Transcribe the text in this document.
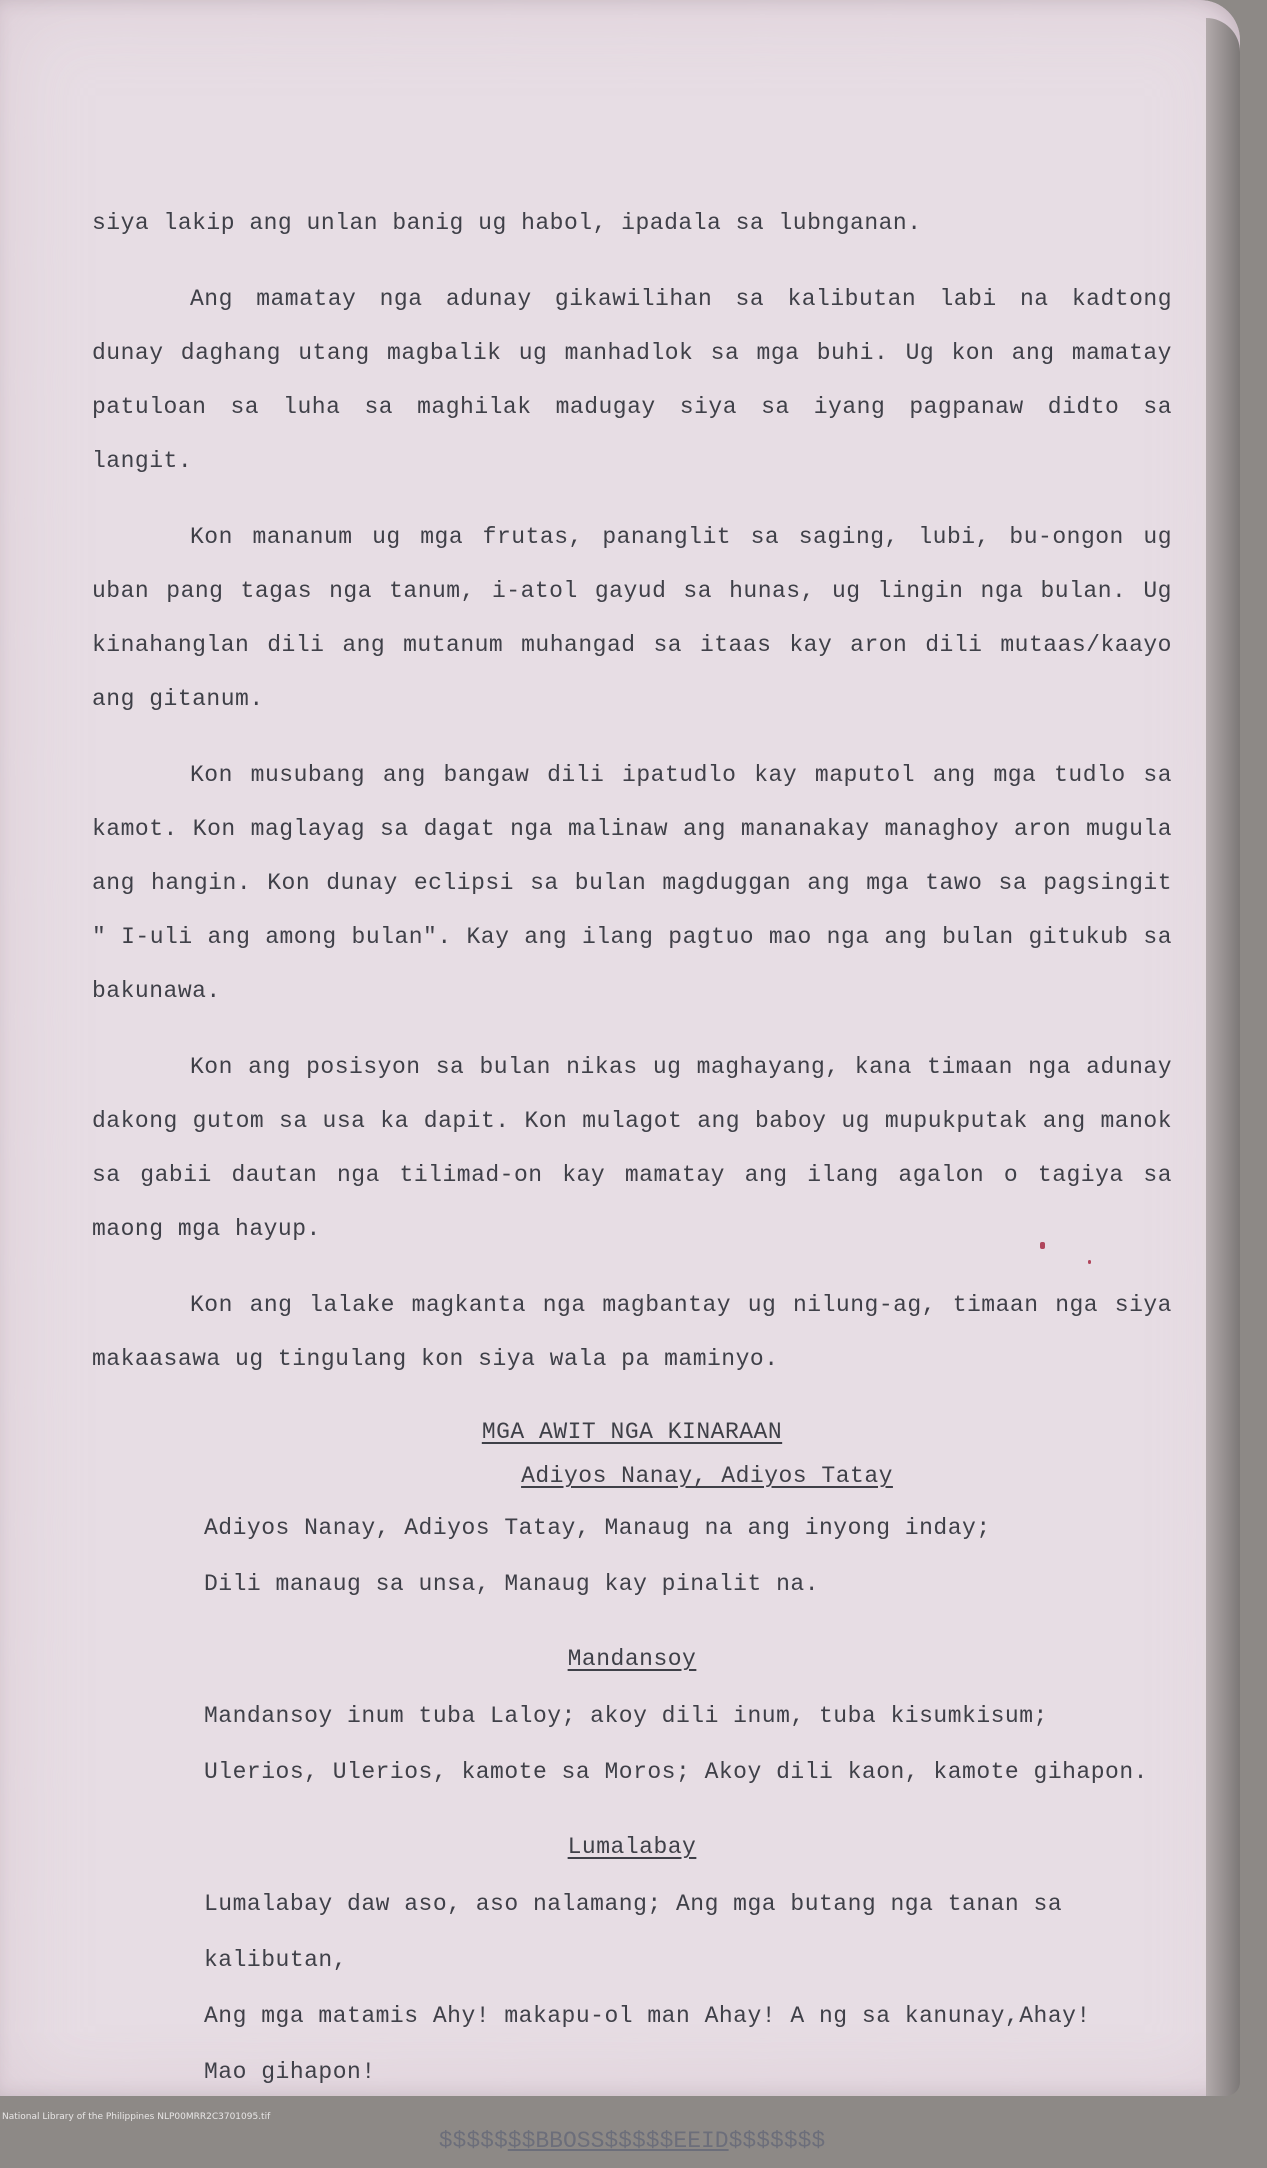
siya lakip ang unlan banig ug habol, ipadala sa lubnganan.

Ang mamatay nga adunay gikawilihan sa kalibutan labi na kadtong dunay daghang utang magbalik ug manhadlok sa mga buhi. Ug kon ang mamatay patuloan sa luha sa maghilak madugay siya sa iyang pagpanaw didto sa langit.

Kon mananum ug mga frutas, pananglit sa saging, lubi, bu-ongon ug uban pang tagas nga tanum, i-atol gayud sa hunas, ug lingin nga bulan. Ug kinahanglan dili ang mutanum muhangad sa itaas kay aron dili mutaas/kaayo ang gitanum.

Kon musubang ang bangaw dili ipatudlo kay maputol ang mga tudlo sa kamot. Kon maglayag sa dagat nga malinaw ang mananakay managhoy aron mugula ang hangin. Kon dunay eclipsi sa bulan magduggan ang mga tawo sa pagsingit " I-uli ang among bulan". Kay ang ilang pagtuo mao nga ang bulan gitukub sa bakunawa.

Kon ang posisyon sa bulan nikas ug maghayang, kana timaan nga adunay dakong gutom sa usa ka dapit. Kon mulagot ang baboy ug mupukputak ang manok sa gabii dautan nga tilimad-on kay mamatay ang ilang agalon o tagiya sa maong mga hayup.

Kon ang lalake magkanta nga magbantay ug nilung-ag, timaan nga siya makaasawa ug tingulang kon siya wala pa maminyo.

MGA AWIT NGA KINARAAN

Adiyos Nanay, Adiyos Tatay

Adiyos Nanay, Adiyos Tatay, Manaug na ang inyong inday;

Dili manaug sa unsa, Manaug kay pinalit na.

Mandansoy

Mandansoy inum tuba Laloy; akoy dili inum, tuba kisumkisum;

Ulerios, Ulerios, kamote sa Moros; Akoy dili kaon, kamote gihapon.

Lumalabay

Lumalabay daw aso, aso nalamang; Ang mga butang nga tanan sa kalibutan,

Ang mga matamis Ahy! makapu-ol man Ahay! A ng sa kanunay,Ahay!

Mao gihapon!

$$$$$$$BBOSS$$$$$EEID$$$$$$$

National Library of the Philippines NLP00MRR2C3701095.tif
